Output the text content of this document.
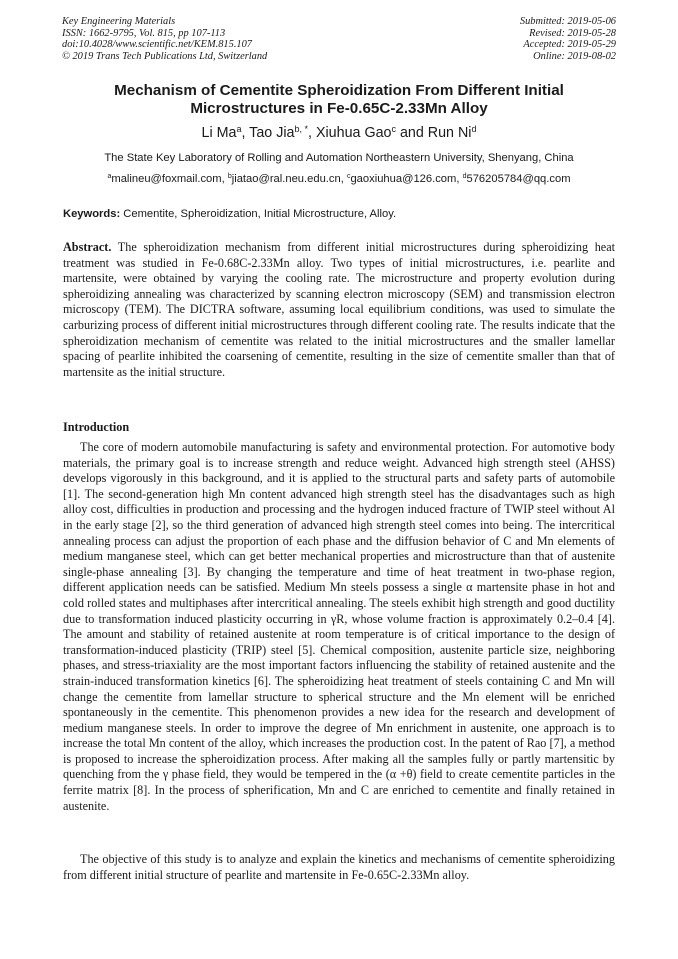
Key Engineering Materials
ISSN: 1662-9795, Vol. 815, pp 107-113
doi:10.4028/www.scientific.net/KEM.815.107
© 2019 Trans Tech Publications Ltd, Switzerland
Submitted: 2019-05-06
Revised: 2019-05-28
Accepted: 2019-05-29
Online: 2019-08-02
Mechanism of Cementite Spheroidization From Different Initial
Microstructures in Fe-0.65C-2.33Mn Alloy
Li Ma$^a$, Tao Jia$^{b, *}$, Xiuhua Gao$^c$ and Run Ni$^d$
The State Key Laboratory of Rolling and Automation Northeastern University, Shenyang, China
$^a$malineu@foxmail.com, $^b$jiatao@ral.neu.edu.cn, $^c$gaoxiuhua@126.com, $^d$576205784@qq.com
Keywords: Cementite, Spheroidization, Initial Microstructure, Alloy.
Abstract. The spheroidization mechanism from different initial microstructures during spheroidizing heat treatment was studied in Fe-0.68C-2.33Mn alloy. Two types of initial microstructures, i.e. pearlite and martensite, were obtained by varying the cooling rate. The microstructure and property evolution during spheroidizing annealing was characterized by scanning electron microscopy (SEM) and transmission electron microscopy (TEM). The DICTRA software, assuming local equilibrium conditions, was used to simulate the carburizing process of different initial microstructures through different cooling rate. The results indicate that the spheroidization mechanism of cementite was related to the initial microstructures and the smaller lamellar spacing of pearlite inhibited the coarsening of cementite, resulting in the size of cementite smaller than that of martensite as the initial structure.
Introduction
The core of modern automobile manufacturing is safety and environmental protection. For automotive body materials, the primary goal is to increase strength and reduce weight. Advanced high strength steel (AHSS) develops vigorously in this background, and it is applied to the structural parts and safety parts of automobile [1]. The second-generation high Mn content advanced high strength steel has the disadvantages such as high alloy cost, difficulties in production and processing and the hydrogen induced fracture of TWIP steel without Al in the early stage [2], so the third generation of advanced high strength steel comes into being. The intercritical annealing process can adjust the proportion of each phase and the diffusion behavior of C and Mn elements of medium manganese steel, which can get better mechanical properties and microstructure than that of austenite single-phase annealing [3]. By changing the temperature and time of heat treatment in two-phase region, different application needs can be satisfied. Medium Mn steels possess a single α martensite phase in hot and cold rolled states and multiphases after intercritical annealing. The steels exhibit high strength and good ductility due to transformation induced plasticity occurring in γR, whose volume fraction is approximately 0.2–0.4 [4]. The amount and stability of retained austenite at room temperature is of critical importance to the design of transformation-induced plasticity (TRIP) steel [5]. Chemical composition, austenite particle size, neighboring phases, and stress-triaxiality are the most important factors influencing the stability of retained austenite and the strain-induced transformation kinetics [6]. The spheroidizing heat treatment of steels containing C and Mn will change the cementite from lamellar structure to spherical structure and the Mn element will be enriched spontaneously in the cementite. This phenomenon provides a new idea for the research and development of medium manganese steels. In order to improve the degree of Mn enrichment in austenite, one approach is to increase the total Mn content of the alloy, which increases the production cost. In the patent of Rao [7], a method is proposed to increase the spheroidization process. After making all the samples fully or partly martensitic by quenching from the γ phase field, they would be tempered in the (α +θ) field to create cementite particles in the ferrite matrix [8]. In the process of spherification, Mn and C are enriched to cementite and finally retained in austenite.
The objective of this study is to analyze and explain the kinetics and mechanisms of cementite spheroidizing from different initial structure of pearlite and martensite in Fe-0.65C-2.33Mn alloy.
